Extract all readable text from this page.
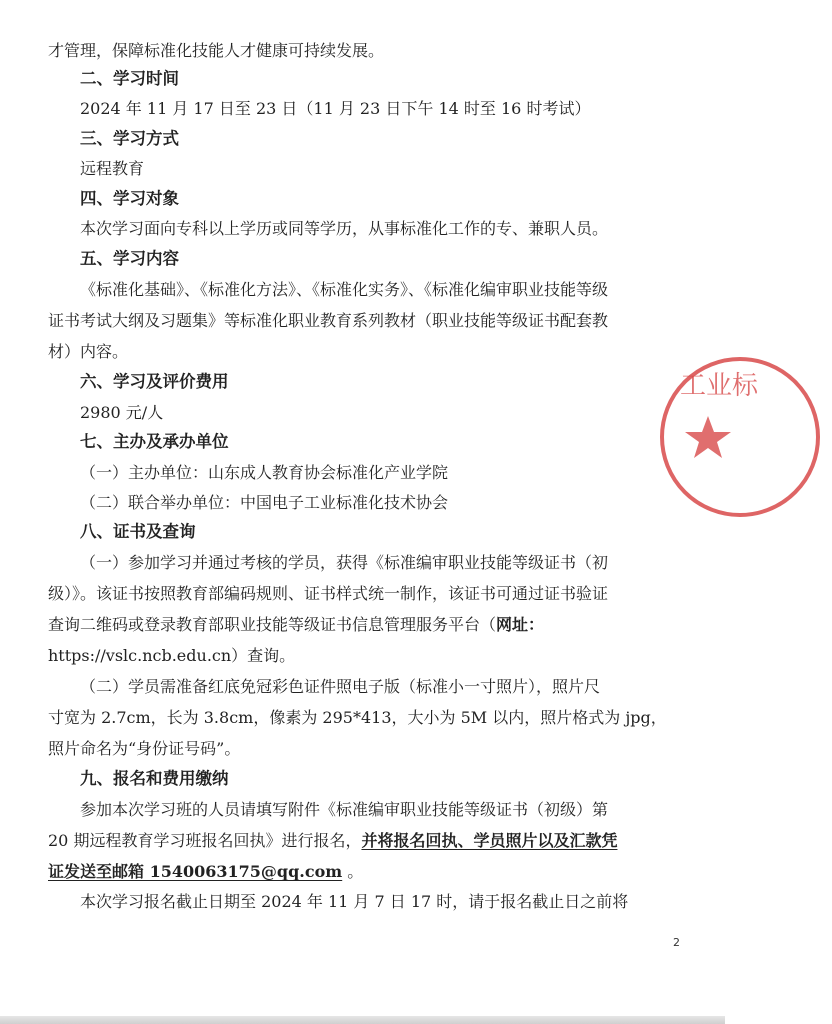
才管理，保障标准化技能人才健康可持续发展。
二、学习时间
2024 年 11 月 17 日至 23 日（11 月 23 日下午 14 时至 16 时考试）
三、学习方式
远程教育
四、学习对象
本次学习面向专科以上学历或同等学历，从事标准化工作的专、兼职人员。
五、学习内容
《标准化基础》、《标准化方法》、《标准化实务》、《标准化编审职业技能等级
证书考试大纲及习题集》等标准化职业教育系列教材（职业技能等级证书配套教
材）内容。
六、学习及评价费用
2980 元/人
七、主办及承办单位
（一）主办单位：山东成人教育协会标准化产业学院
（二）联合举办单位：中国电子工业标准化技术协会
八、证书及查询
（一）参加学习并通过考核的学员，获得《标准编审职业技能等级证书（初
级）》。该证书按照教育部编码规则、证书样式统一制作，该证书可通过证书验证
查询二维码或登录教育部职业技能等级证书信息管理服务平台（网址：
https://vslc.ncb.edu.cn）查询。
（二）学员需准备红底免冠彩色证件照电子版（标准小一寸照片），照片尺
寸宽为 2.7cm，长为 3.8cm，像素为 295*413，大小为 5M 以内，照片格式为 jpg，
照片命名为“身份证号码”。
九、报名和费用缴纳
参加本次学习班的人员请填写附件《标准编审职业技能等级证书（初级）第
20 期远程教育学习班报名回执》进行报名，并将报名回执、学员照片以及汇款凭
证发送至邮箱 1540063175@qq.com 。
本次学习报名截止日期至 2024 年 11 月 7 日 17 时，请于报名截止日之前将
工业标
2
